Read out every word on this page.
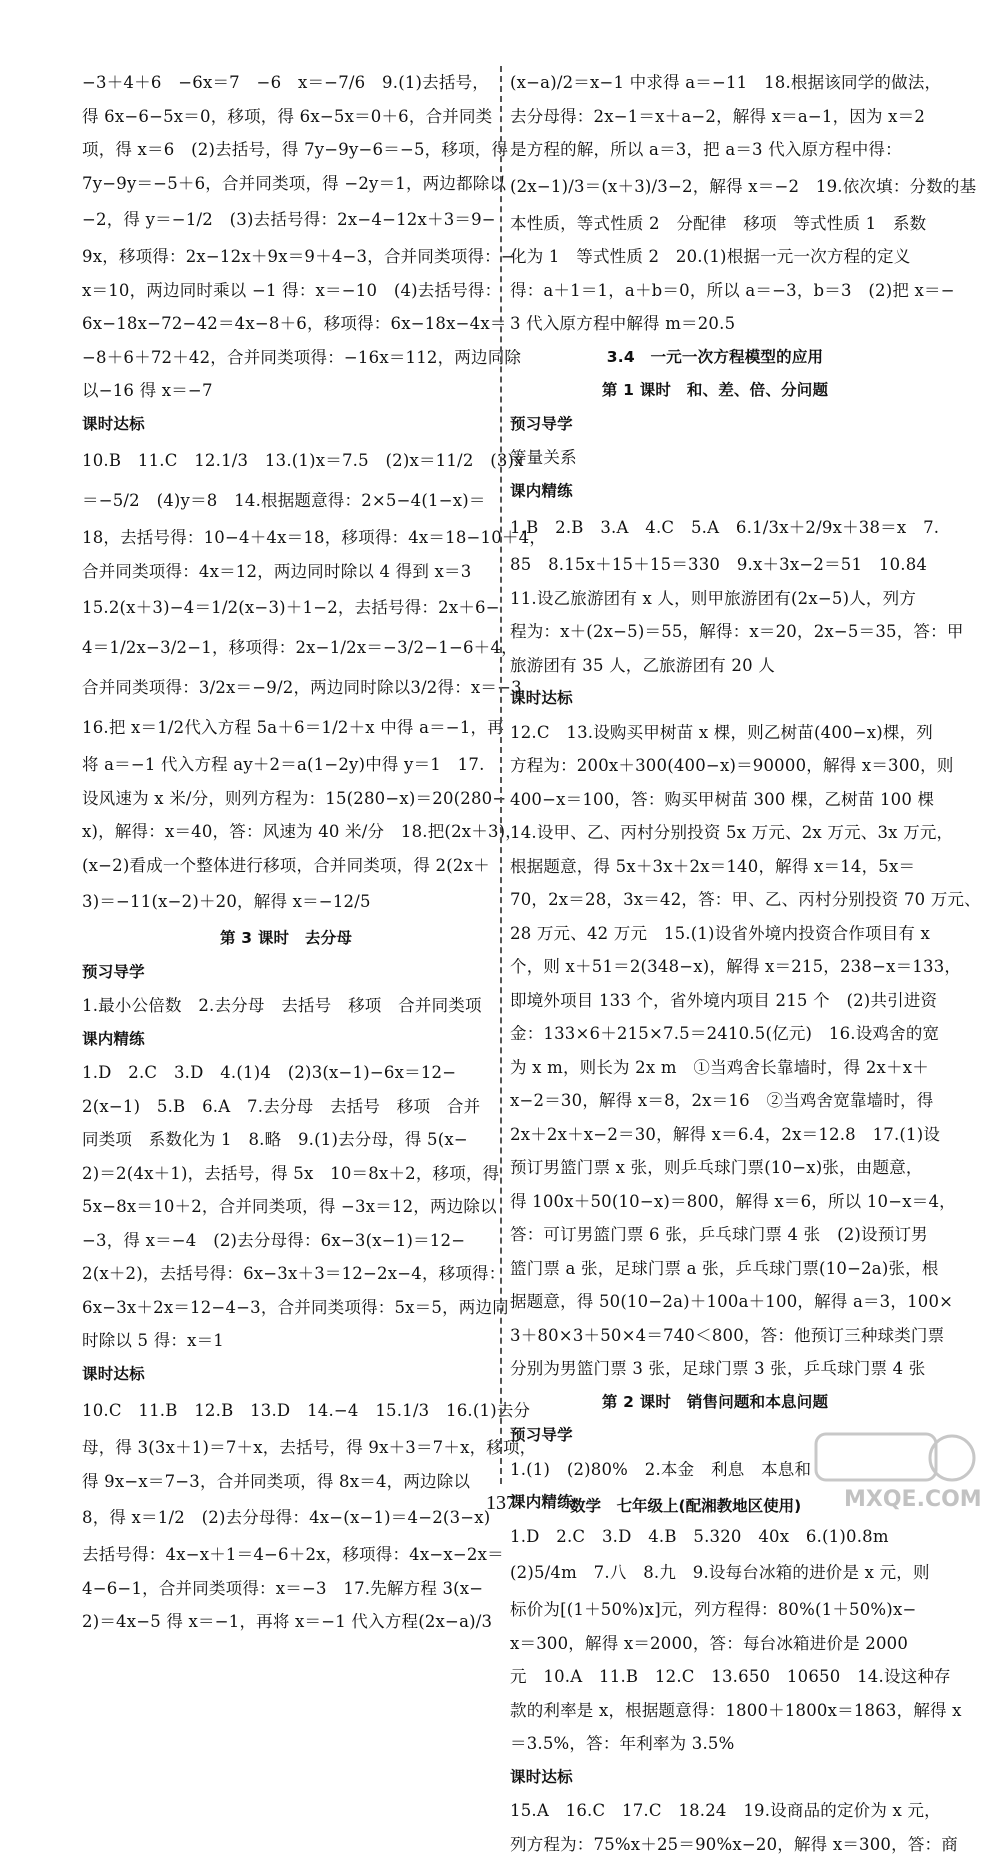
−3＋4＋6　−6x＝7　−6　x＝−7/6　9.(1)去括号，
得 6x−6−5x＝0，移项，得 6x−5x＝0＋6，合并同类
项，得 x＝6　(2)去括号，得 7y−9y−6＝−5，移项，得
7y−9y＝−5＋6，合并同类项，得 −2y＝1，两边都除以
−2，得 y＝−1/2　(3)去括号得：2x−4−12x＋3＝9−
9x，移项得：2x−12x＋9x＝9＋4−3，合并同类项得：−
x＝10，两边同时乘以 −1 得：x＝−10　(4)去括号得：
6x−18x−72−42＝4x−8＋6，移项得：6x−18x−4x＝
−8＋6＋72＋42，合并同类项得：−16x＝112，两边同除
以−16 得 x＝−7
课时达标
10.B　11.C　12.1/3　13.(1)x＝7.5　(2)x＝11/2　(3)x
＝−5/2　(4)y＝8　14.根据题意得：2×5−4(1−x)＝
18，去括号得：10−4＋4x＝18，移项得：4x＝18−10＋4，
合并同类项得：4x＝12，两边同时除以 4 得到 x＝3
15.2(x＋3)−4＝1/2(x−3)＋1−2，去括号得：2x＋6−
4＝1/2x−3/2−1，移项得：2x−1/2x＝−3/2−1−6＋4，
合并同类项得：3/2x＝−9/2，两边同时除以3/2得：x＝−3
16.把 x＝1/2代入方程 5a＋6＝1/2＋x 中得 a＝−1，再
将 a＝−1 代入方程 ay＋2＝a(1−2y)中得 y＝1　17.
设风速为 x 米/分，则列方程为：15(280−x)＝20(280−
x)，解得：x＝40，答：风速为 40 米/分　18.把(2x＋3)，
(x−2)看成一个整体进行移项，合并同类项，得 2(2x＋
3)＝−11(x−2)＋20，解得 x＝−12/5
第 3 课时　去分母
预习导学
1.最小公倍数　2.去分母　去括号　移项　合并同类项
课内精练
1.D　2.C　3.D　4.(1)4　(2)3(x−1)−6x＝12−
2(x−1)　5.B　6.A　7.去分母　去括号　移项　合并
同类项　系数化为 1　8.略　9.(1)去分母，得 5(x−
2)＝2(4x＋1)，去括号，得 5x　10＝8x＋2，移项，得
5x−8x＝10＋2，合并同类项，得 −3x＝12，两边除以
−3，得 x＝−4　(2)去分母得：6x−3(x−1)＝12−
2(x＋2)，去括号得：6x−3x＋3＝12−2x−4，移项得：
6x−3x＋2x＝12−4−3，合并同类项得：5x＝5，两边同
时除以 5 得：x＝1
课时达标
10.C　11.B　12.B　13.D　14.−4　15.1/3　16.(1)去分
母，得 3(3x＋1)＝7＋x，去括号，得 9x＋3＝7＋x，移项，
得 9x−x＝7−3，合并同类项，得 8x＝4，两边除以
8，得 x＝1/2　(2)去分母得：4x−(x−1)＝4−2(3−x)
去括号得：4x−x＋1＝4−6＋2x，移项得：4x−x−2x＝
4−6−1，合并同类项得：x＝−3　17.先解方程 3(x−
2)＝4x−5 得 x＝−1，再将 x＝−1 代入方程(2x−a)/3
(x−a)/2＝x−1 中求得 a＝−11　18.根据该同学的做法，
去分母得：2x−1＝x＋a−2，解得 x＝a−1，因为 x＝2
是方程的解，所以 a＝3，把 a＝3 代入原方程中得：
(2x−1)/3＝(x＋3)/3−2，解得 x＝−2　19.依次填：分数的基
本性质，等式性质 2　分配律　移项　等式性质 1　系数
化为 1　等式性质 2　20.(1)根据一元一次方程的定义
得：a＋1＝1，a＋b＝0，所以 a＝−3，b＝3　(2)把 x＝−
3 代入原方程中解得 m＝20.5
3.4　一元一次方程模型的应用
第 1 课时　和、差、倍、分问题
预习导学
等量关系
课内精练
1.B　2.B　3.A　4.C　5.A　6.1/3x＋2/9x＋38＝x　7.
85　8.15x＋15＋15＝330　9.x＋3x−2＝51　10.84
11.设乙旅游团有 x 人，则甲旅游团有(2x−5)人，列方
程为：x＋(2x−5)＝55，解得：x＝20，2x−5＝35，答：甲
旅游团有 35 人，乙旅游团有 20 人
课时达标
12.C　13.设购买甲树苗 x 棵，则乙树苗(400−x)棵，列
方程为：200x＋300(400−x)＝90000，解得 x＝300，则
400−x＝100，答：购买甲树苗 300 棵，乙树苗 100 棵
14.设甲、乙、丙村分别投资 5x 万元、2x 万元、3x 万元，
根据题意，得 5x＋3x＋2x＝140，解得 x＝14，5x＝
70，2x＝28，3x＝42，答：甲、乙、丙村分别投资 70 万元、
28 万元、42 万元　15.(1)设省外境内投资合作项目有 x
个，则 x＋51＝2(348−x)，解得 x＝215，238−x＝133，
即境外项目 133 个，省外境内项目 215 个　(2)共引进资
金：133×6＋215×7.5＝2410.5(亿元)　16.设鸡舍的宽
为 x m，则长为 2x m　①当鸡舍长靠墙时，得 2x＋x＋
x−2＝30，解得 x＝8，2x＝16　②当鸡舍宽靠墙时，得
2x＋2x＋x−2＝30，解得 x＝6.4，2x＝12.8　17.(1)设
预订男篮门票 x 张，则乒乓球门票(10−x)张，由题意，
得 100x＋50(10−x)＝800，解得 x＝6，所以 10−x＝4，
答：可订男篮门票 6 张，乒乓球门票 4 张　(2)设预订男
篮门票 a 张，足球门票 a 张，乒乓球门票(10−2a)张，根
据题意，得 50(10−2a)＋100a＋100，解得 a＝3，100×
3＋80×3＋50×4＝740＜800，答：他预订三种球类门票
分别为男篮门票 3 张，足球门票 3 张，乒乓球门票 4 张
第 2 课时　销售问题和本息问题
预习导学
1.(1)　(2)80%　2.本金　利息　本息和
课内精练
1.D　2.C　3.D　4.B　5.320　40x　6.(1)0.8m
(2)5/4m　7.八　8.九　9.设每台冰箱的进价是 x 元，则
标价为[(1＋50%)x]元，列方程得：80%(1＋50%)x−
x＝300，解得 x＝2000，答：每台冰箱进价是 2000
元　10.A　11.B　12.C　13.650　10650　14.设这种存
款的利率是 x，根据题意得：1800＋1800x＝1863，解得 x
＝3.5%，答：年利率为 3.5%
课时达标
15.A　16.C　17.C　18.24　19.设商品的定价为 x 元，
列方程为：75%x＋25＝90%x−20，解得 x＝300，答：商
137	数学　七年级上(配湘教地区使用) MXQE.COM
